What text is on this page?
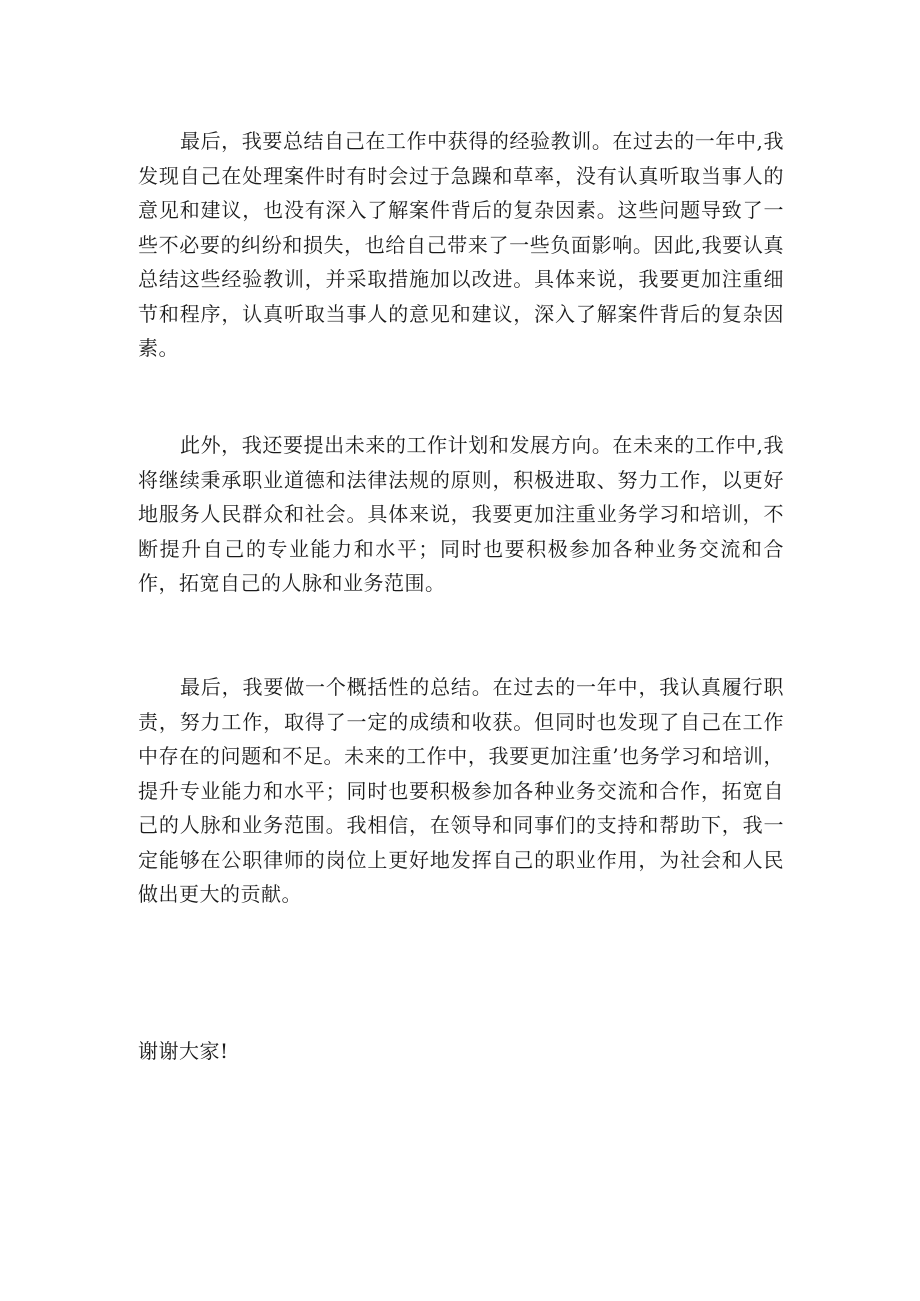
最后，我要总结自己在工作中获得的经验教训。在过去的一年中,我发现自己在处理案件时有时会过于急躁和草率，没有认真听取当事人的意见和建议，也没有深入了解案件背后的复杂因素。这些问题导致了一些不必要的纠纷和损失，也给自己带来了一些负面影响。因此,我要认真总结这些经验教训，并采取措施加以改进。具体来说，我要更加注重细节和程序，认真听取当事人的意见和建议，深入了解案件背后的复杂因素。

此外，我还要提出未来的工作计划和发展方向。在未来的工作中,我将继续秉承职业道德和法律法规的原则，积极进取、努力工作，以更好地服务人民群众和社会。具体来说，我要更加注重业务学习和培训，不断提升自己的专业能力和水平；同时也要积极参加各种业务交流和合作，拓宽自己的人脉和业务范围。

最后，我要做一个概括性的总结。在过去的一年中，我认真履行职责，努力工作，取得了一定的成绩和收获。但同时也发现了自己在工作中存在的问题和不足。未来的工作中，我要更加注重’也务学习和培训，提升专业能力和水平；同时也要积极参加各种业务交流和合作，拓宽自己的人脉和业务范围。我相信，在领导和同事们的支持和帮助下，我一定能够在公职律师的岗位上更好地发挥自己的职业作用，为社会和人民做出更大的贡献。

谢谢大家!
